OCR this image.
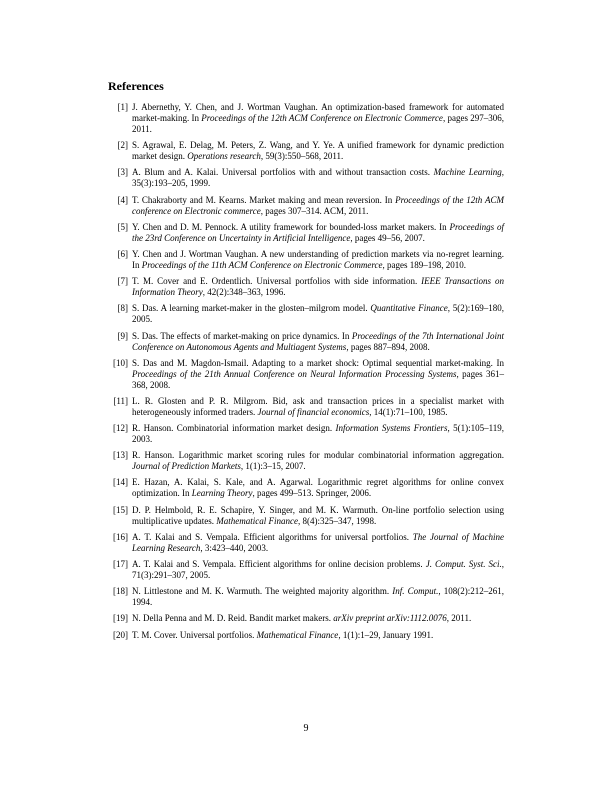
References
[1] J. Abernethy, Y. Chen, and J. Wortman Vaughan. An optimization-based framework for automated market-making. In Proceedings of the 12th ACM Conference on Electronic Commerce, pages 297–306, 2011.
[2] S. Agrawal, E. Delag, M. Peters, Z. Wang, and Y. Ye. A unified framework for dynamic prediction market design. Operations research, 59(3):550–568, 2011.
[3] A. Blum and A. Kalai. Universal portfolios with and without transaction costs. Machine Learning, 35(3):193–205, 1999.
[4] T. Chakraborty and M. Kearns. Market making and mean reversion. In Proceedings of the 12th ACM conference on Electronic commerce, pages 307–314. ACM, 2011.
[5] Y. Chen and D. M. Pennock. A utility framework for bounded-loss market makers. In Proceedings of the 23rd Conference on Uncertainty in Artificial Intelligence, pages 49–56, 2007.
[6] Y. Chen and J. Wortman Vaughan. A new understanding of prediction markets via no-regret learning. In Proceedings of the 11th ACM Conference on Electronic Commerce, pages 189–198, 2010.
[7] T. M. Cover and E. Ordentlich. Universal portfolios with side information. IEEE Transactions on Information Theory, 42(2):348–363, 1996.
[8] S. Das. A learning market-maker in the glosten–milgrom model. Quantitative Finance, 5(2):169–180, 2005.
[9] S. Das. The effects of market-making on price dynamics. In Proceedings of the 7th International Joint Conference on Autonomous Agents and Multiagent Systems, pages 887–894, 2008.
[10] S. Das and M. Magdon-Ismail. Adapting to a market shock: Optimal sequential market-making. In Proceedings of the 21th Annual Conference on Neural Information Processing Systems, pages 361–368, 2008.
[11] L. R. Glosten and P. R. Milgrom. Bid, ask and transaction prices in a specialist market with heterogeneously informed traders. Journal of financial economics, 14(1):71–100, 1985.
[12] R. Hanson. Combinatorial information market design. Information Systems Frontiers, 5(1):105–119, 2003.
[13] R. Hanson. Logarithmic market scoring rules for modular combinatorial information aggregation. Journal of Prediction Markets, 1(1):3–15, 2007.
[14] E. Hazan, A. Kalai, S. Kale, and A. Agarwal. Logarithmic regret algorithms for online convex optimization. In Learning Theory, pages 499–513. Springer, 2006.
[15] D. P. Helmbold, R. E. Schapire, Y. Singer, and M. K. Warmuth. On-line portfolio selection using multiplicative updates. Mathematical Finance, 8(4):325–347, 1998.
[16] A. T. Kalai and S. Vempala. Efficient algorithms for universal portfolios. The Journal of Machine Learning Research, 3:423–440, 2003.
[17] A. T. Kalai and S. Vempala. Efficient algorithms for online decision problems. J. Comput. Syst. Sci., 71(3):291–307, 2005.
[18] N. Littlestone and M. K. Warmuth. The weighted majority algorithm. Inf. Comput., 108(2):212–261, 1994.
[19] N. Della Penna and M. D. Reid. Bandit market makers. arXiv preprint arXiv:1112.0076, 2011.
[20] T. M. Cover. Universal portfolios. Mathematical Finance, 1(1):1–29, January 1991.
9
